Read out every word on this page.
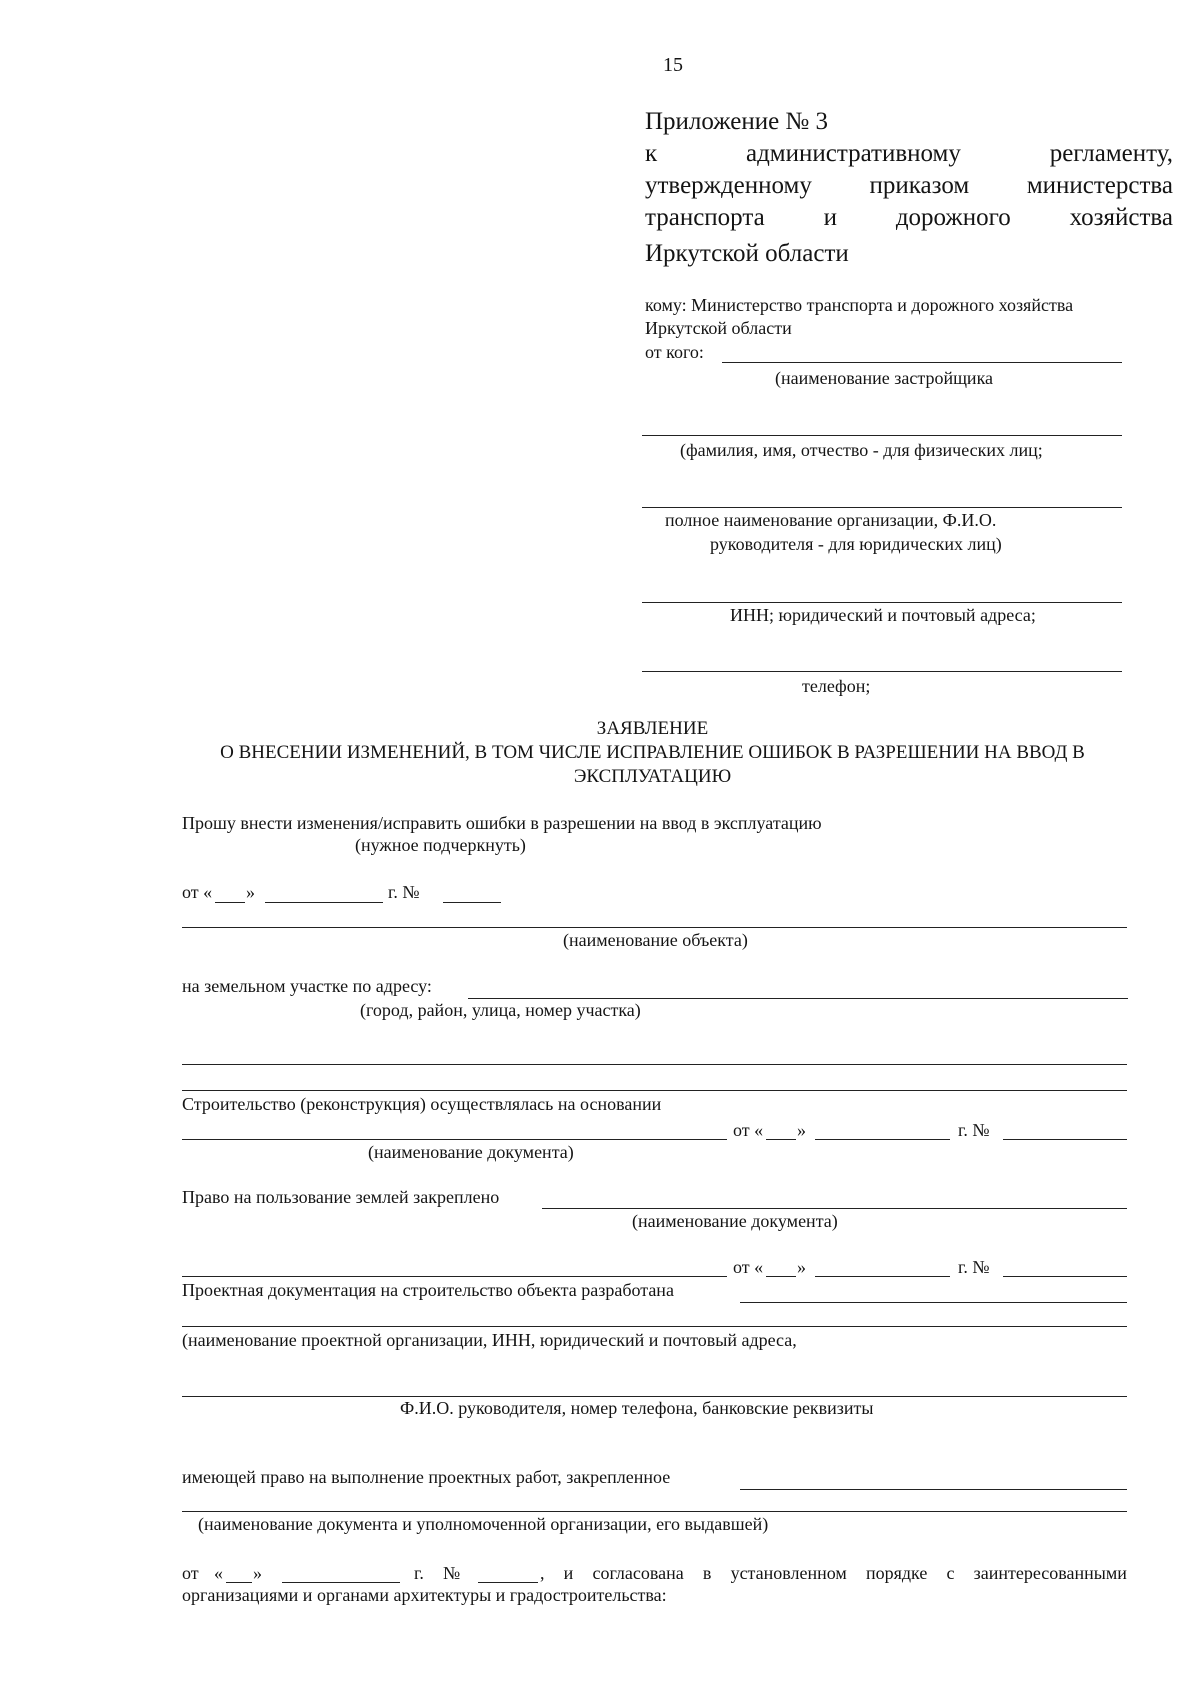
15
Приложение № 3
к	административному	регламенту,
утвержденному приказом министерства
транспорта и дорожного хозяйства
Иркутской области
кому: Министерство транспорта и дорожного хозяйства
Иркутской области
от кого:
(наименование застройщика
(фамилия, имя, отчество - для физических лиц;
полное наименование организации, Ф.И.О.
руководителя - для юридических лиц)
ИНН; юридический и почтовый адреса;
телефон;
ЗАЯВЛЕНИЕ
О ВНЕСЕНИИ ИЗМЕНЕНИЙ, В ТОМ ЧИСЛЕ ИСПРАВЛЕНИЕ ОШИБОК В РАЗРЕШЕНИИ НА ВВОД В
ЭКСПЛУАТАЦИЮ
Прошу внести изменения/исправить ошибки в разрешении на ввод в эксплуатацию
(нужное подчеркнуть)
от « »	г. №
(наименование объекта)
на земельном участке по адресу:
(город, район, улица, номер участка)
Строительство (реконструкция) осуществлялась на основании
от « »	г. №
(наименование документа)
Право на пользование землей закреплено
(наименование документа)
от « »	г. №
Проектная документация на строительство объекта разработана
(наименование проектной организации, ИНН, юридический и почтовый адреса,
Ф.И.О. руководителя, номер телефона, банковские реквизиты
имеющей право на выполнение проектных работ, закрепленное
(наименование документа и уполномоченной организации, его выдавшей)
от « »	г. №	, и согласована в установленном порядке с заинтересованными
организациями и органами архитектуры и градостроительства:
